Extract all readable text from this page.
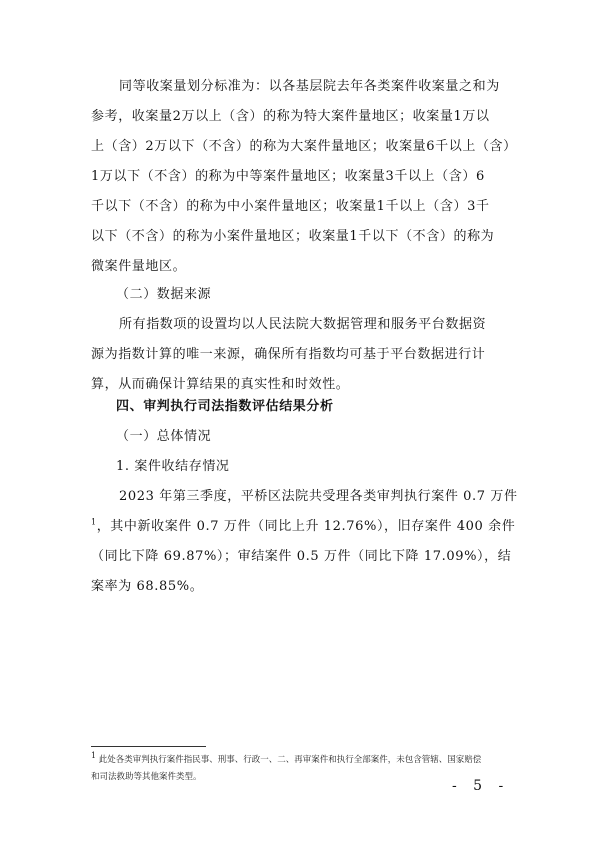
同等收案量划分标准为：以各基层院去年各类案件收案量之和为
参考，收案量2万以上（含）的称为特大案件量地区；收案量1万以
上（含）2万以下（不含）的称为大案件量地区；收案量6千以上（含）
1万以下（不含）的称为中等案件量地区；收案量3千以上（含）6
千以下（不含）的称为中小案件量地区；收案量1千以上（含）3千
以下（不含）的称为小案件量地区；收案量1千以下（不含）的称为
微案件量地区。
（二）数据来源
所有指数项的设置均以人民法院大数据管理和服务平台数据资
源为指数计算的唯一来源，确保所有指数均可基于平台数据进行计
算，从而确保计算结果的真实性和时效性。
四、审判执行司法指数评估结果分析
（一）总体情况
1. 案件收结存情况
2023 年第三季度，平桥区法院共受理各类审判执行案件 0.7 万件
$^1$，其中新收案件 0.7 万件（同比上升 12.76%），旧存案件 400 余件
（同比下降 69.87%）；审结案件 0.5 万件（同比下降 17.09%），结
案率为 68.85%。
1 此处各类审判执行案件指民事、刑事、行政一、二、再审案件和执行全部案件，未包含管辖、国家赔偿
和司法救助等其他案件类型。
- 5 -
